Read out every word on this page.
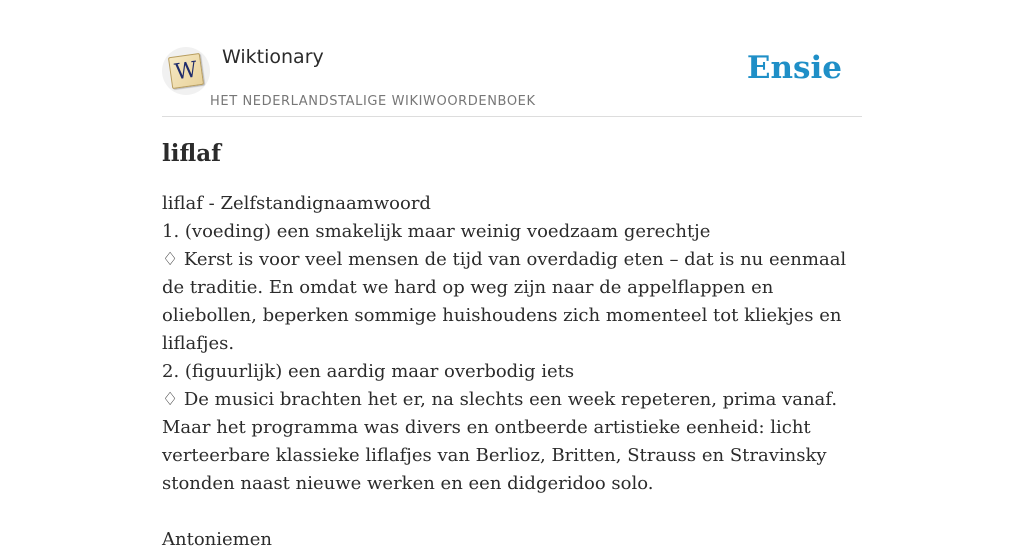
W
Wiktionary
HET NEDERLANDSTALIGE WIKIWOORDENBOEK
Ensie
liflaf
liflaf - Zelfstandignaamwoord
1. (voeding) een smakelijk maar weinig voedzaam gerechtje
♢ Kerst is voor veel mensen de tijd van overdadig eten – dat is nu eenmaal de traditie. En omdat we hard op weg zijn naar de appelflappen en oliebollen, beperken sommige huishoudens zich momenteel tot kliekjes en liflafjes.
2. (figuurlijk) een aardig maar overbodig iets
♢ De musici brachten het er, na slechts een week repeteren, prima vanaf. Maar het programma was divers en ontbeerde artistieke eenheid: licht verteerbare klassieke liflafjes van Berlioz, Britten, Strauss en Stravinsky stonden naast nieuwe werken en een didgeridoo solo.
Antoniemen
